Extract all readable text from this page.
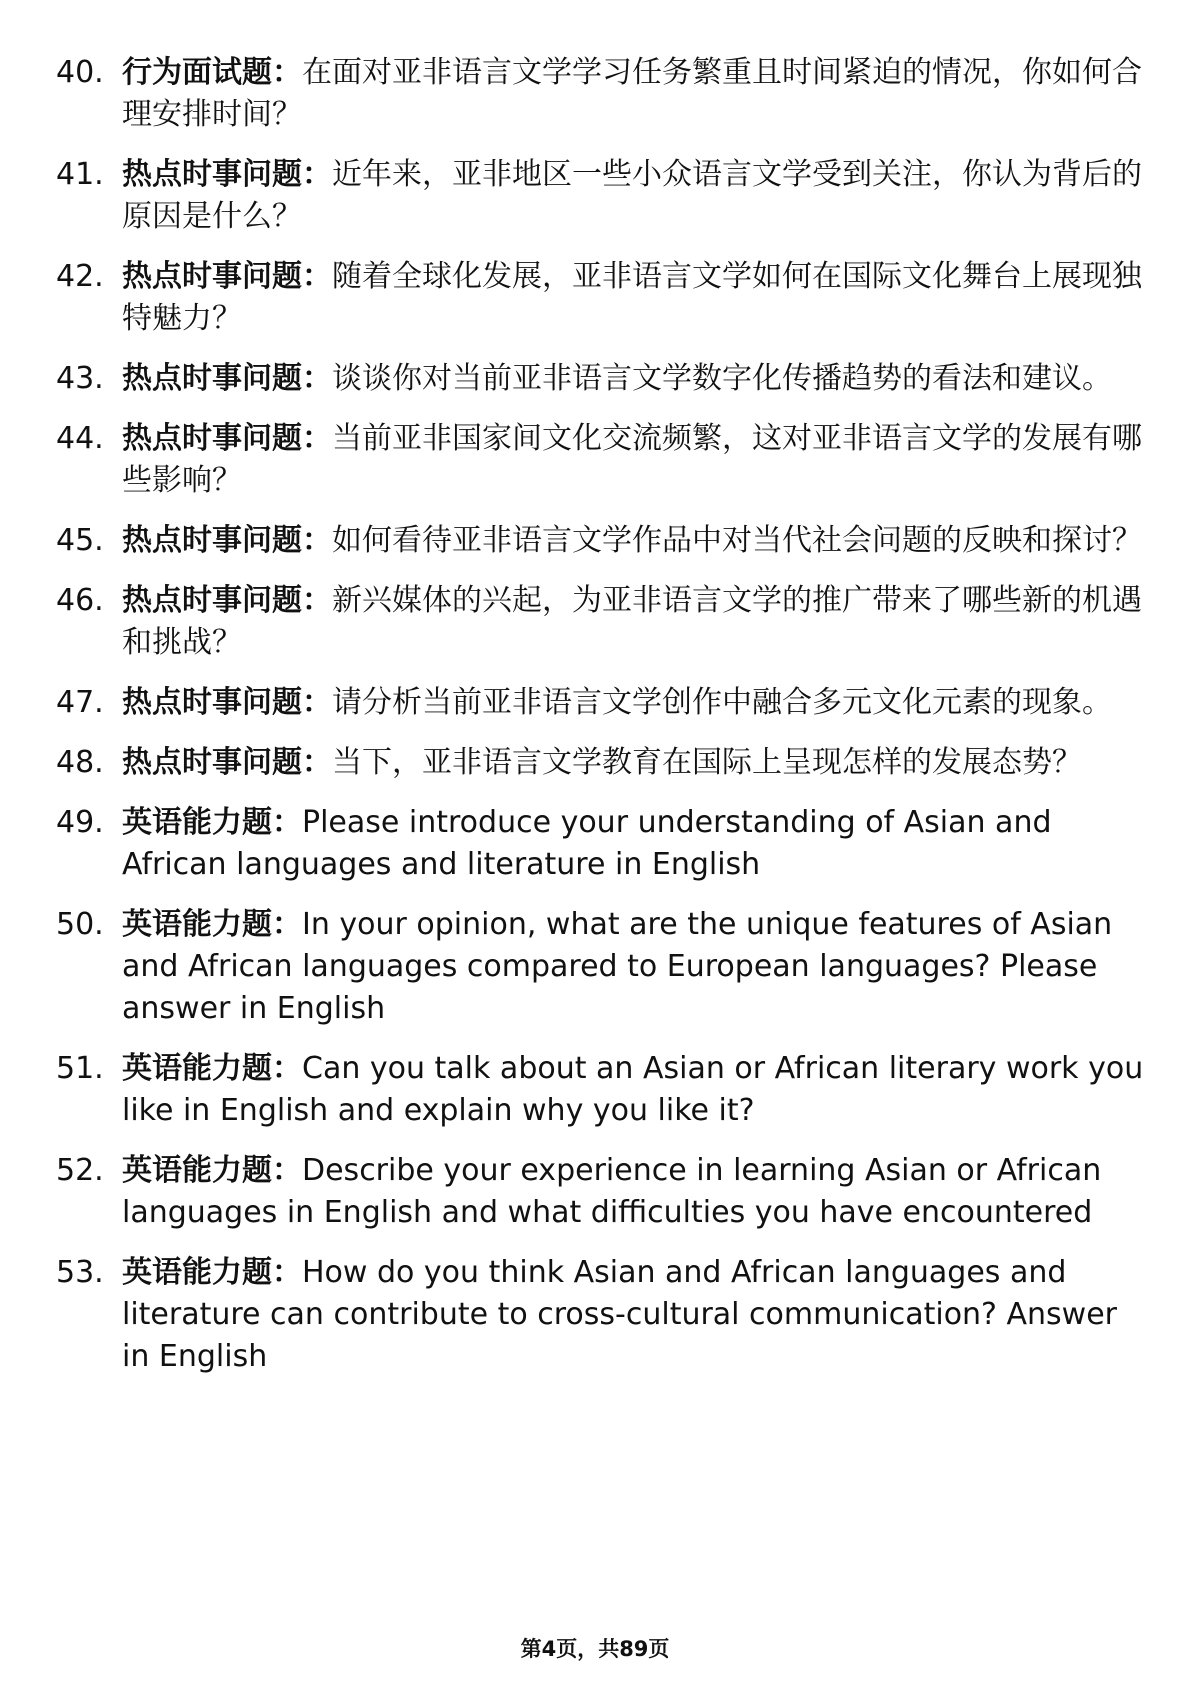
40. 行为面试题：在面对亚非语言文学学习任务繁重且时间紧迫的情况，你如何合理安排时间？
41. 热点时事问题：近年来，亚非地区一些小众语言文学受到关注，你认为背后的原因是什么？
42. 热点时事问题：随着全球化发展，亚非语言文学如何在国际文化舞台上展现独特魅力？
43. 热点时事问题：谈谈你对当前亚非语言文学数字化传播趋势的看法和建议。
44. 热点时事问题：当前亚非国家间文化交流频繁，这对亚非语言文学的发展有哪些影响？
45. 热点时事问题：如何看待亚非语言文学作品中对当代社会问题的反映和探讨？
46. 热点时事问题：新兴媒体的兴起，为亚非语言文学的推广带来了哪些新的机遇和挑战？
47. 热点时事问题：请分析当前亚非语言文学创作中融合多元文化元素的现象。
48. 热点时事问题：当下，亚非语言文学教育在国际上呈现怎样的发展态势？
49. 英语能力题：Please introduce your understanding of Asian and African languages and literature in English
50. 英语能力题：In your opinion, what are the unique features of Asian and African languages compared to European languages? Please answer in English
51. 英语能力题：Can you talk about an Asian or African literary work you like in English and explain why you like it?
52. 英语能力题：Describe your experience in learning Asian or African languages in English and what difficulties you have encountered
53. 英语能力题：How do you think Asian and African languages and literature can contribute to cross-cultural communication? Answer in English
第4页，共89页
